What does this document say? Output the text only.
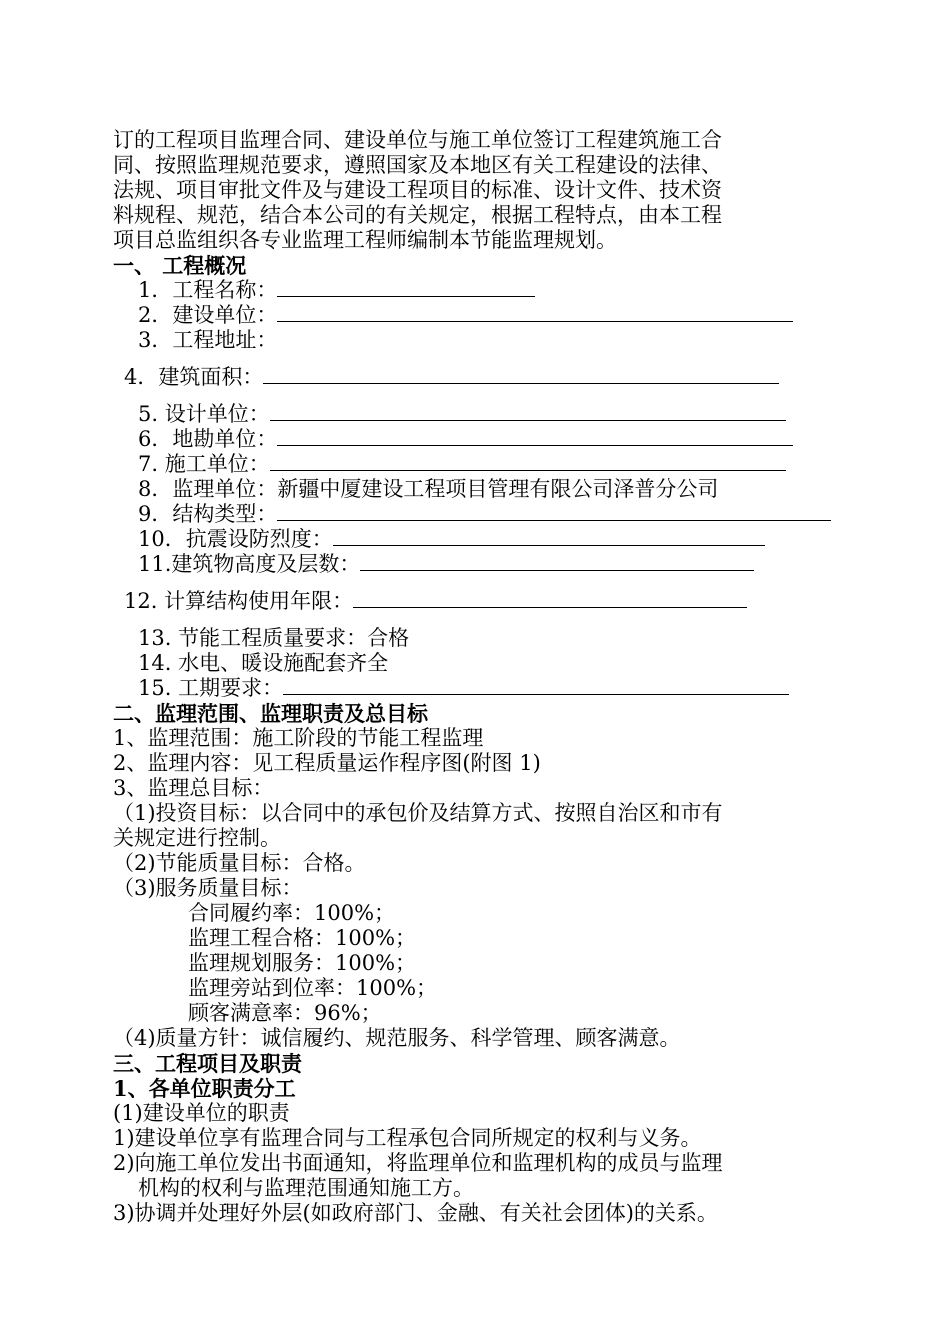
订的工程项目监理合同、建设单位与施工单位签订工程建筑施工合
同、按照监理规范要求，遵照国家及本地区有关工程建设的法律、
法规、项目审批文件及与建设工程项目的标准、设计文件、技术资
料规程、规范，结合本公司的有关规定，根据工程特点，由本工程
项目总监组织各专业监理工程师编制本节能监理规划。
一、 工程概况
1．工程名称：
2．建设单位：
3．工程地址：
4．建筑面积：
5. 设计单位：
6．地勘单位：
7. 施工单位：
8．监理单位：新疆中厦建设工程项目管理有限公司泽普分公司
9．结构类型：
10．抗震设防烈度：
11.建筑物高度及层数：
12. 计算结构使用年限：
13. 节能工程质量要求：合格
14. 水电、暖设施配套齐全
15. 工期要求：
二、监理范围、监理职责及总目标
1、监理范围：施工阶段的节能工程监理
2、监理内容：见工程质量运作程序图(附图 1)
3、监理总目标：
（1)投资目标：以合同中的承包价及结算方式、按照自治区和市有
关规定进行控制。
（2)节能质量目标：合格。
（3)服务质量目标：
合同履约率：100%；
监理工程合格：100%；
监理规划服务：100%；
监理旁站到位率：100%；
顾客满意率：96%；
（4)质量方针：诚信履约、规范服务、科学管理、顾客满意。
三、工程项目及职责
1、各单位职责分工
(1)建设单位的职责
1)建设单位享有监理合同与工程承包合同所规定的权利与义务。
2)向施工单位发出书面通知，将监理单位和监理机构的成员与监理
机构的权利与监理范围通知施工方。
3)协调并处理好外层(如政府部门、金融、有关社会团体)的关系。
